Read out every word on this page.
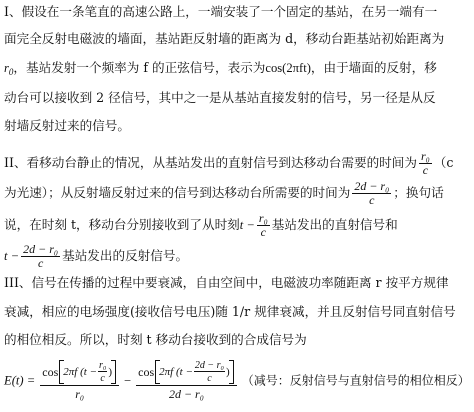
I、假设在一条笔直的高速公路上，一端安装了一个固定的基站，在另一端有一
面完全反射电磁波的墙面，基站距反射墙的距离为 d，移动台距基站初始距离为
$r_0$，基站发射一个频率为 f 的正弦信号，表示为cos(2πft)，由于墙面的反射，移
动台可以接收到 2 径信号，其中之一是从基站直接发射的信号，另一径是从反
射墙反射过来的信号。
II、看移动台静止的情况，从基站发出的直射信号到达移动台需要的时间为 $\frac{\text{r₀}}{c} (c$
为光速）；从反射墙反射过来的信号到达移动台所需要的时间为 $\frac{\text{2d − r₀}}{c}$ ；换句话
说，在时刻 t，移动台分别接收到了从时刻$t - \frac{\text{r₀}}{c}$ 基站发出的直射信号和
$t - \frac{\text{2d − r₀}}{c}$ 基站发出的反射信号。
III、信号在传播的过程中要衰减，自由空间中，电磁波功率随距离 r 按平方规律
衰减，相应的电场强度(接收信号电压)随 1/r 规律衰减，并且反射信号同直射信号
的相位相反。所以，时刻 t 移动台接收到的合成信号为
$E(t) = \frac{\cos 2\pi f (t - \frac{\text{r₀}}{c} )}{\text{r₀}}$ −
cos 2πf ($t - \frac{\text{2d − r₀}}{c}$ )
2d − r₀
（减号：反射信号与直射信号的相位相反）
